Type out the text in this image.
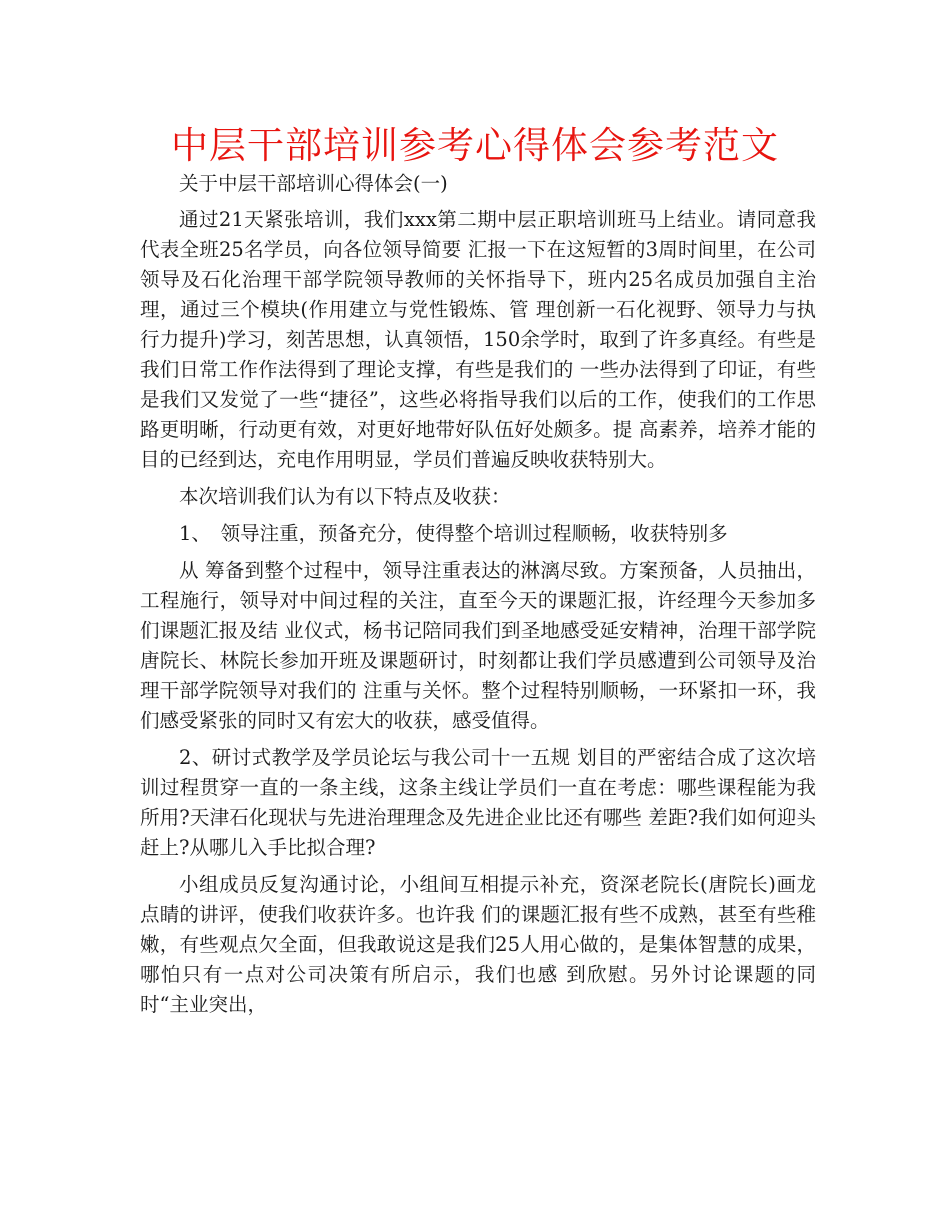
中层干部培训参考心得体会参考范文

关于中层干部培训心得体会(一)

通过21天紧张培训，我们xxx第二期中层正职培训班马上结业。请同意我代表全班25名学员，向各位领导简要 汇报一下在这短暂的3周时间里，在公司领导及石化治理干部学院领导教师的关怀指导下，班内25名成员加强自主治理，通过三个模块(作用建立与党性锻炼、管 理创新一石化视野、领导力与执行力提升)学习，刻苦思想，认真领悟，150余学时，取到了许多真经。有些是我们日常工作作法得到了理论支撑，有些是我们的 一些办法得到了印证，有些是我们又发觉了一些“捷径”，这些必将指导我们以后的工作，使我们的工作思路更明晰，行动更有效，对更好地带好队伍好处颇多。提 高素养，培养才能的目的已经到达，充电作用明显，学员们普遍反映收获特别大。

本次培训我们认为有以下特点及收获：

1、　领导注重，预备充分，使得整个培训过程顺畅，收获特别多

从 筹备到整个过程中，领导注重表达的淋漓尽致。方案预备，人员抽出，工程施行，领导对中间过程的关注，直至今天的课题汇报，许经理今天参加多们课题汇报及结 业仪式，杨书记陪同我们到圣地感受延安精神，治理干部学院唐院长、林院长参加开班及课题研讨，时刻都让我们学员感遭到公司领导及治理干部学院领导对我们的 注重与关怀。整个过程特别顺畅，一环紧扣一环，我们感受紧张的同时又有宏大的收获，感受值得。

2、研讨式教学及学员论坛与我公司十一五规 划目的严密结合成了这次培训过程贯穿一直的一条主线，这条主线让学员们一直在考虑：哪些课程能为我所用?天津石化现状与先进治理理念及先进企业比还有哪些 差距?我们如何迎头赶上?从哪儿入手比拟合理?

小组成员反复沟通讨论，小组间互相提示补充，资深老院长(唐院长)画龙点睛的讲评，使我们收获许多。也许我 们的课题汇报有些不成熟，甚至有些稚嫩，有些观点欠全面，但我敢说这是我们25人用心做的，是集体智慧的成果，哪怕只有一点对公司决策有所启示，我们也感 到欣慰。另外讨论课题的同时“主业突出，
